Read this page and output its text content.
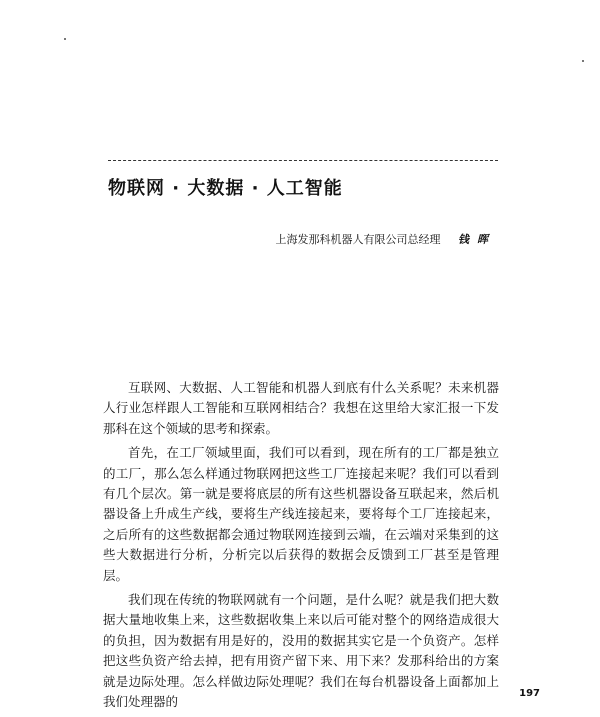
物联网 · 大数据 · 人工智能
上海发那科机器人有限公司总经理 钱晖

互联网、大数据、人工智能和机器人到底有什么关系呢？未来机器人行业怎样跟人工智能和互联网相结合？我想在这里给大家汇报一下发那科在这个领域的思考和探索。

首先，在工厂领域里面，我们可以看到，现在所有的工厂都是独立的工厂，那么怎么样通过物联网把这些工厂连接起来呢？我们可以看到有几个层次。第一就是要将底层的所有这些机器设备互联起来，然后机器设备上升成生产线，要将生产线连接起来，要将每个工厂连接起来，之后所有的这些数据都会通过物联网连接到云端，在云端对采集到的这些大数据进行分析，分析完以后获得的数据会反馈到工厂甚至是管理层。

我们现在传统的物联网就有一个问题，是什么呢？就是我们把大数据大量地收集上来，这些数据收集上来以后可能对整个的网络造成很大的负担，因为数据有用是好的，没用的数据其实它是一个负资产。怎样把这些负资产给去掉，把有用资产留下来、用下来？发那科给出的方案就是边际处理。怎么样做边际处理呢？我们在每台机器设备上面都加上我们处理器的

197
